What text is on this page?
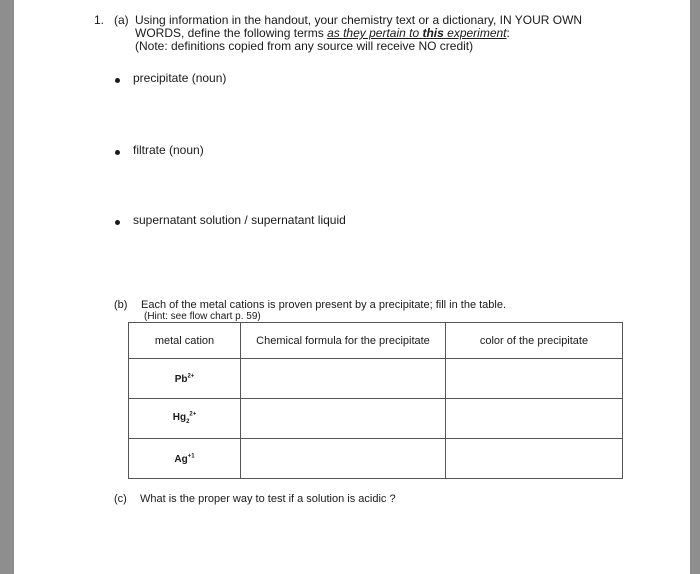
1. (a) Using information in the handout, your chemistry text or a dictionary, IN YOUR OWN
WORDS, define the following terms as they pertain to this experiment:
(Note: definitions copied from any source will receive NO credit)
precipitate (noun)
filtrate (noun)
supernatant solution / supernatant liquid
(b) Each of the metal cations is proven present by a precipitate; fill in the table.
(Hint: see flow chart p. 59)
metal cation	Chemical formula for the precipitate	color of the precipitate
$Pb^{2+}$		
$Hg_2^{2+}$		
$Ag^{+1}$		
(c) What is the proper way to test if a solution is acidic ?
